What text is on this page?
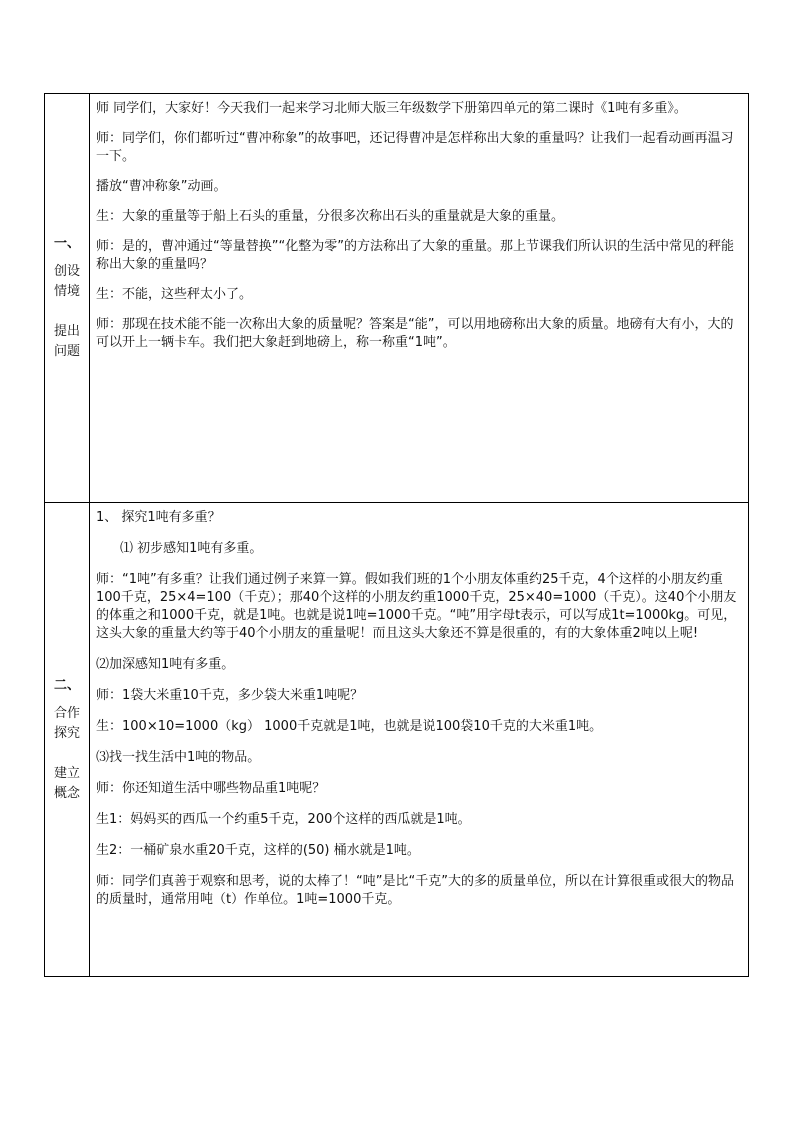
一、
创设
情境
提出
问题

师 同学们，大家好！今天我们一起来学习北师大版三年级数学下册第四单元的第二课时《1吨有多重》。

师：同学们，你们都听过“曹冲称象”的故事吧，还记得曹冲是怎样称出大象的重量吗？让我们一起看动画再温习一下。

播放“曹冲称象”动画。

生：大象的重量等于船上石头的重量，分很多次称出石头的重量就是大象的重量。

师：是的，曹冲通过“等量替换”“化整为零”的方法称出了大象的重量。那上节课我们所认识的生活中常见的秤能称出大象的重量吗？

生：不能，这些秤太小了。

师：那现在技术能不能一次称出大象的质量呢？答案是“能”，可以用地磅称出大象的质量。地磅有大有小，大的可以开上一辆卡车。我们把大象赶到地磅上，称一称重“1吨”。

二、
合作
探究
建立
概念

1、 探究1吨有多重？

⑴ 初步感知1吨有多重。

师：“1吨”有多重？让我们通过例子来算一算。假如我们班的1个小朋友体重约25千克，4个这样的小朋友约重100千克，25×4=100（千克）；那40个这样的小朋友约重1000千克，25×40=1000（千克）。这40个小朋友的体重之和1000千克，就是1吨。也就是说1吨=1000千克。“吨”用字母t表示，可以写成1t=1000kg。可见，这头大象的重量大约等于40个小朋友的重量呢！而且这头大象还不算是很重的，有的大象体重2吨以上呢!

⑵加深感知1吨有多重。

师：1袋大米重10千克，多少袋大米重1吨呢？

生：100×10=1000（kg） 1000千克就是1吨，也就是说100袋10千克的大米重1吨。

⑶找一找生活中1吨的物品。

师：你还知道生活中哪些物品重1吨呢？

生1：妈妈买的西瓜一个约重5千克，200个这样的西瓜就是1吨。

生2：一桶矿泉水重20千克，这样的(50) 桶水就是1吨。

师：同学们真善于观察和思考，说的太棒了！“吨”是比“千克”大的多的质量单位，所以在计算很重或很大的物品的质量时，通常用吨（t）作单位。1吨=1000千克。
